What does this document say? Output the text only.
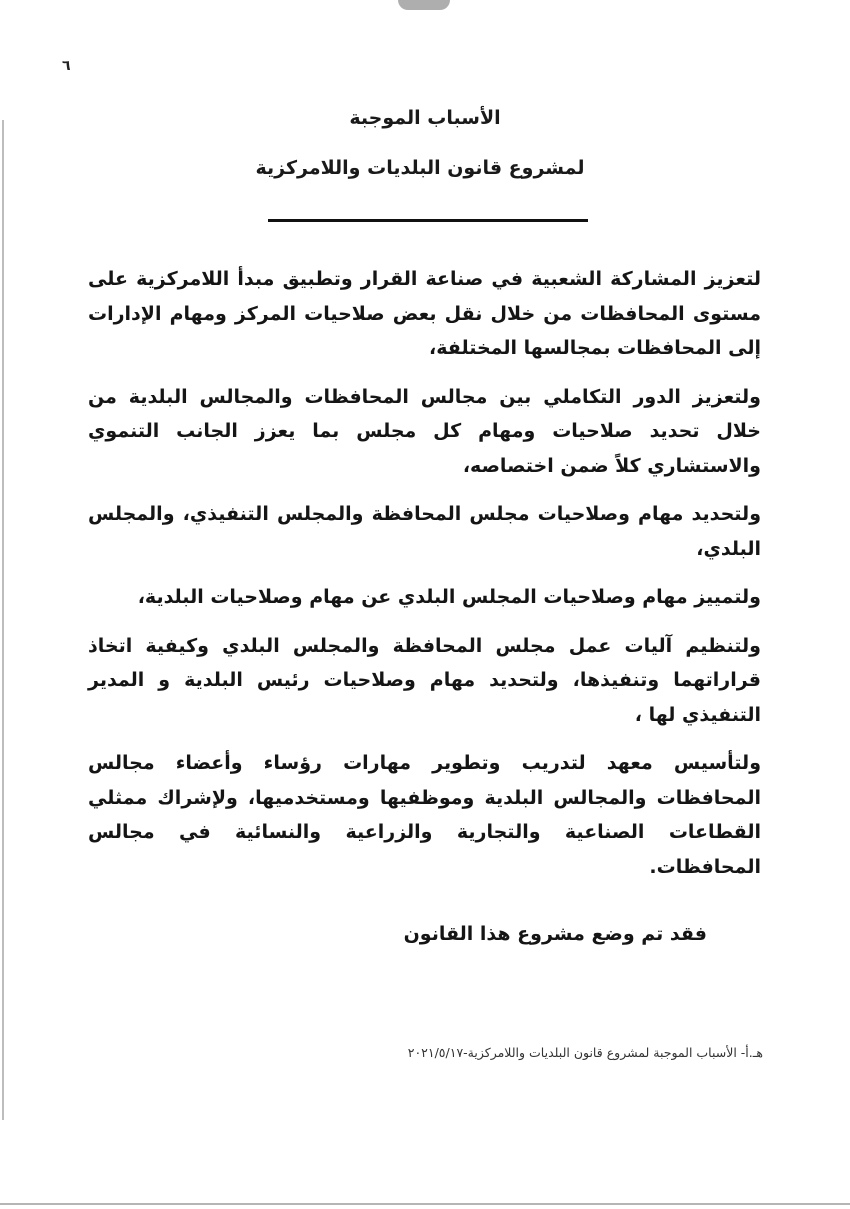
٦
الأسباب الموجبة
لمشروع قانون البلديات واللامركزية

لتعزيز المشاركة الشعبية في صناعة القرار وتطبيق مبدأ اللامركزية على مستوى المحافظات من خلال نقل بعض صلاحيات المركز ومهام الإدارات إلى المحافظات بمجالسها المختلفة،

ولتعزيز الدور التكاملي بين مجالس المحافظات والمجالس البلدية من خلال تحديد صلاحيات ومهام كل مجلس بما يعزز الجانب التنموي والاستشاري كلاً ضمن اختصاصه،

ولتحديد مهام وصلاحيات مجلس المحافظة والمجلس التنفيذي، والمجلس البلدي،

ولتمييز مهام وصلاحيات المجلس البلدي عن مهام وصلاحيات البلدية،

ولتنظيم آليات عمل مجلس المحافظة والمجلس البلدي وكيفية اتخاذ قراراتهما وتنفيذها، ولتحديد مهام وصلاحيات رئيس البلدية و المدير التنفيذي لها ،

ولتأسيس معهد لتدريب وتطوير مهارات رؤساء وأعضاء مجالس المحافظات والمجالس البلدية وموظفيها ومستخدميها، ولإشراك ممثلي القطاعات الصناعية والتجارية والزراعية والنسائية في مجالس المحافظات.

فقد تم وضع مشروع هذا القانون
هـ.أ- الأسباب الموجبة لمشروع قانون البلديات واللامركزية-٢٠٢١/٥/١٧
